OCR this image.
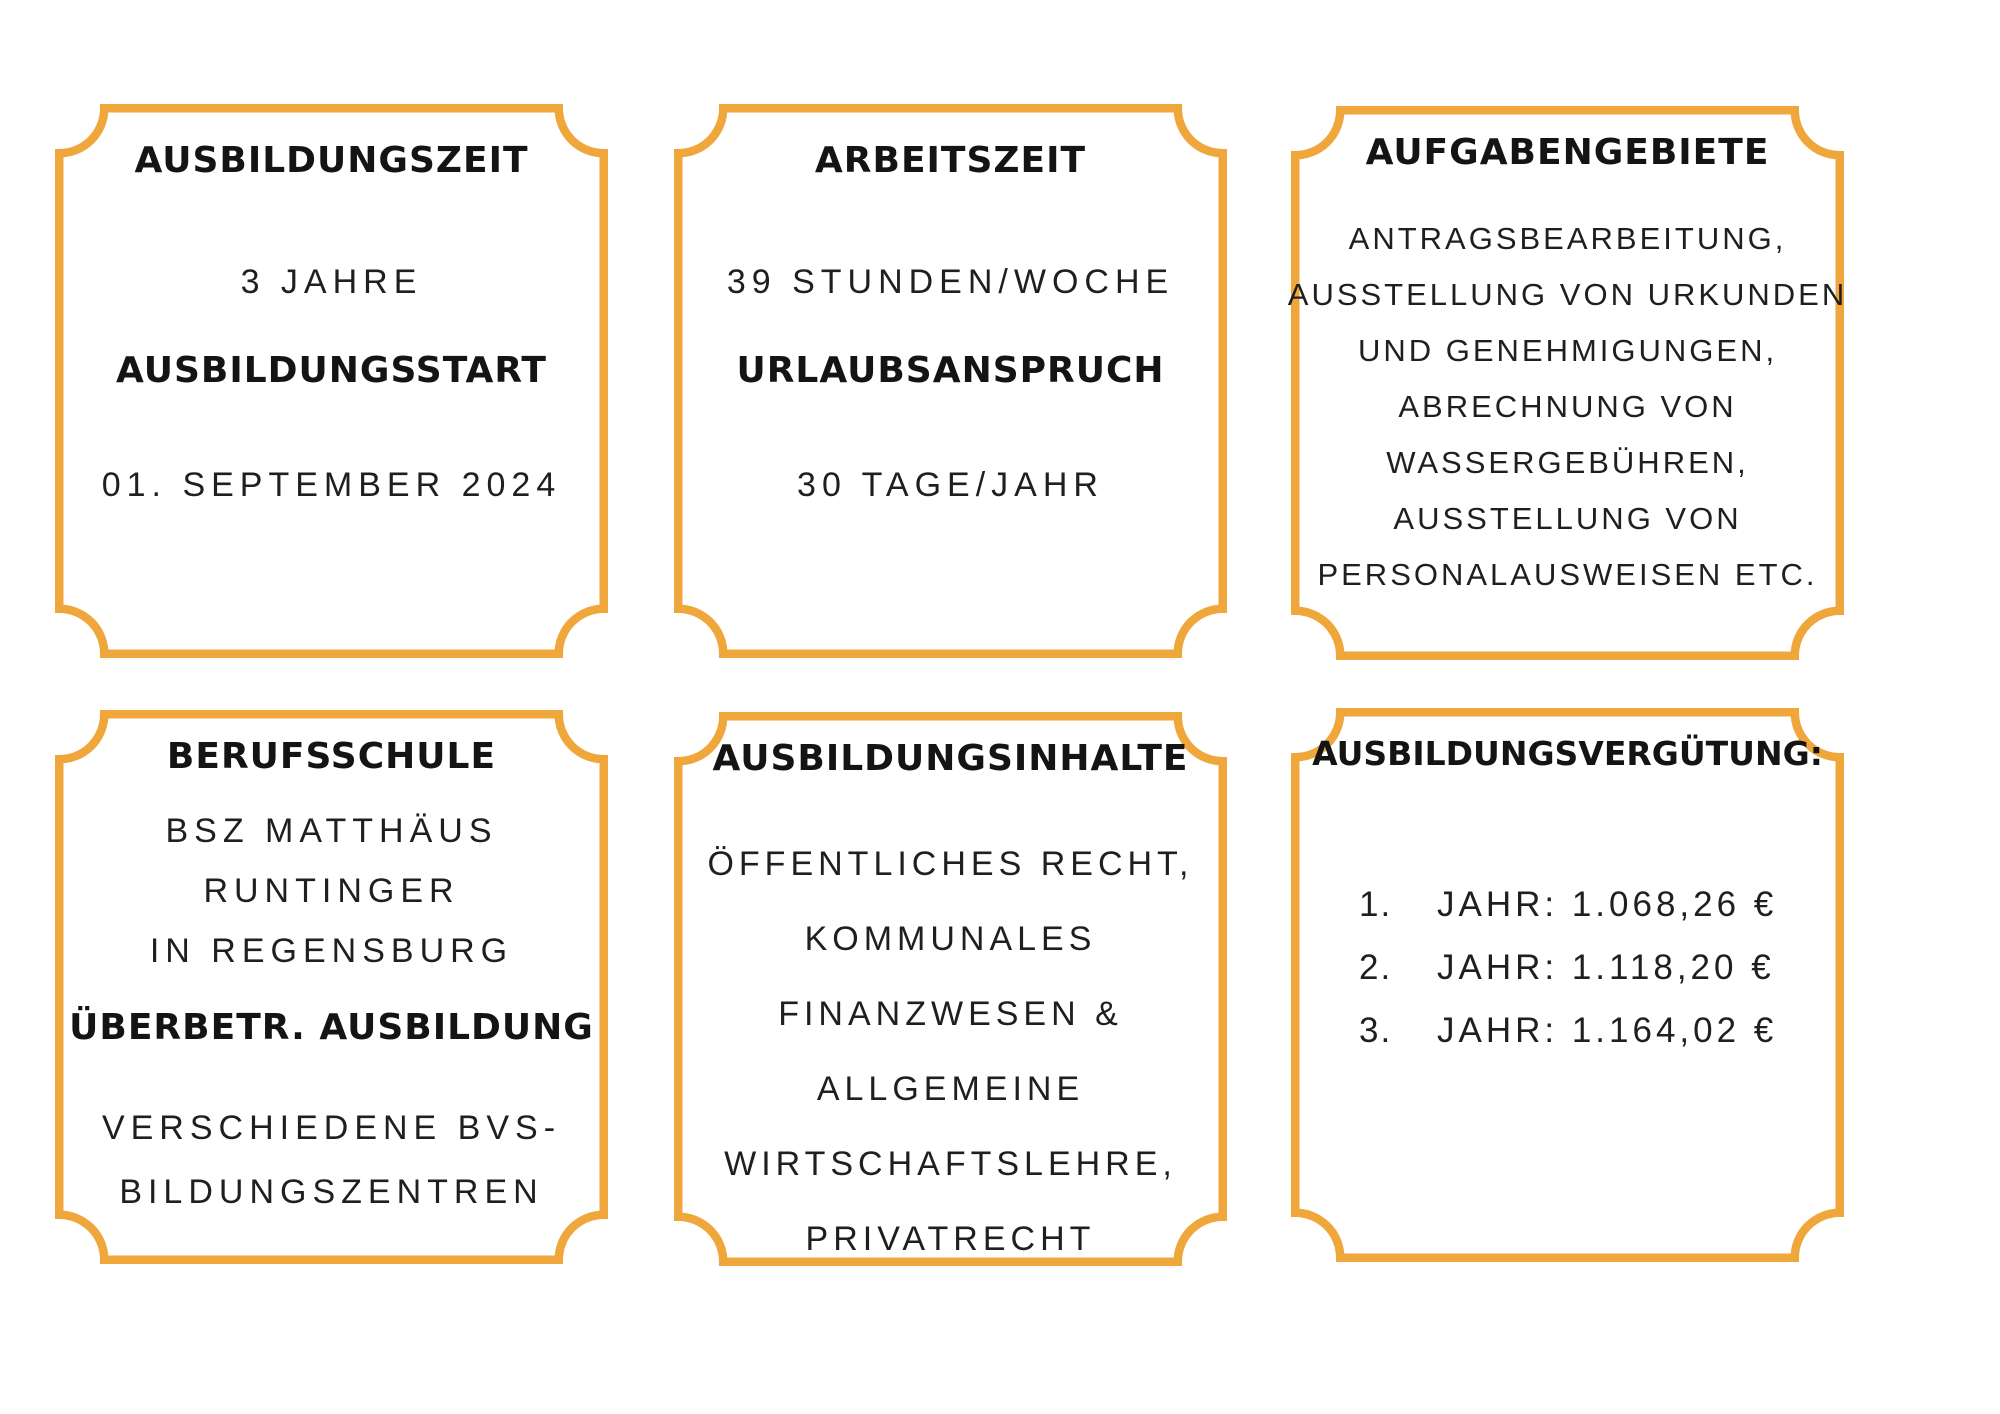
AUSBILDUNGSZEIT
3 JAHRE
AUSBILDUNGSSTART
01. SEPTEMBER 2024
ARBEITSZEIT
39 STUNDEN/WOCHE
URLAUBSANSPRUCH
30 TAGE/JAHR
AUFGABENGEBIETE
ANTRAGSBEARBEITUNG,
AUSSTELLUNG VON URKUNDEN
UND GENEHMIGUNGEN,
ABRECHNUNG VON
WASSERGEBÜHREN,
AUSSTELLUNG VON
PERSONALAUSWEISEN ETC.
BERUFSSCHULE
BSZ MATTHÄUS
RUNTINGER
IN REGENSBURG
ÜBERBETR. AUSBILDUNG
VERSCHIEDENE BVS-
BILDUNGSZENTREN
AUSBILDUNGSINHALTE
ÖFFENTLICHES RECHT,
KOMMUNALES
FINANZWESEN &
ALLGEMEINE
WIRTSCHAFTSLEHRE,
PRIVATRECHT
AUSBILDUNGSVERGÜTUNG:
1.	JAHR: 1.068,26 €
2.	JAHR: 1.118,20 €
3.	JAHR: 1.164,02 €
